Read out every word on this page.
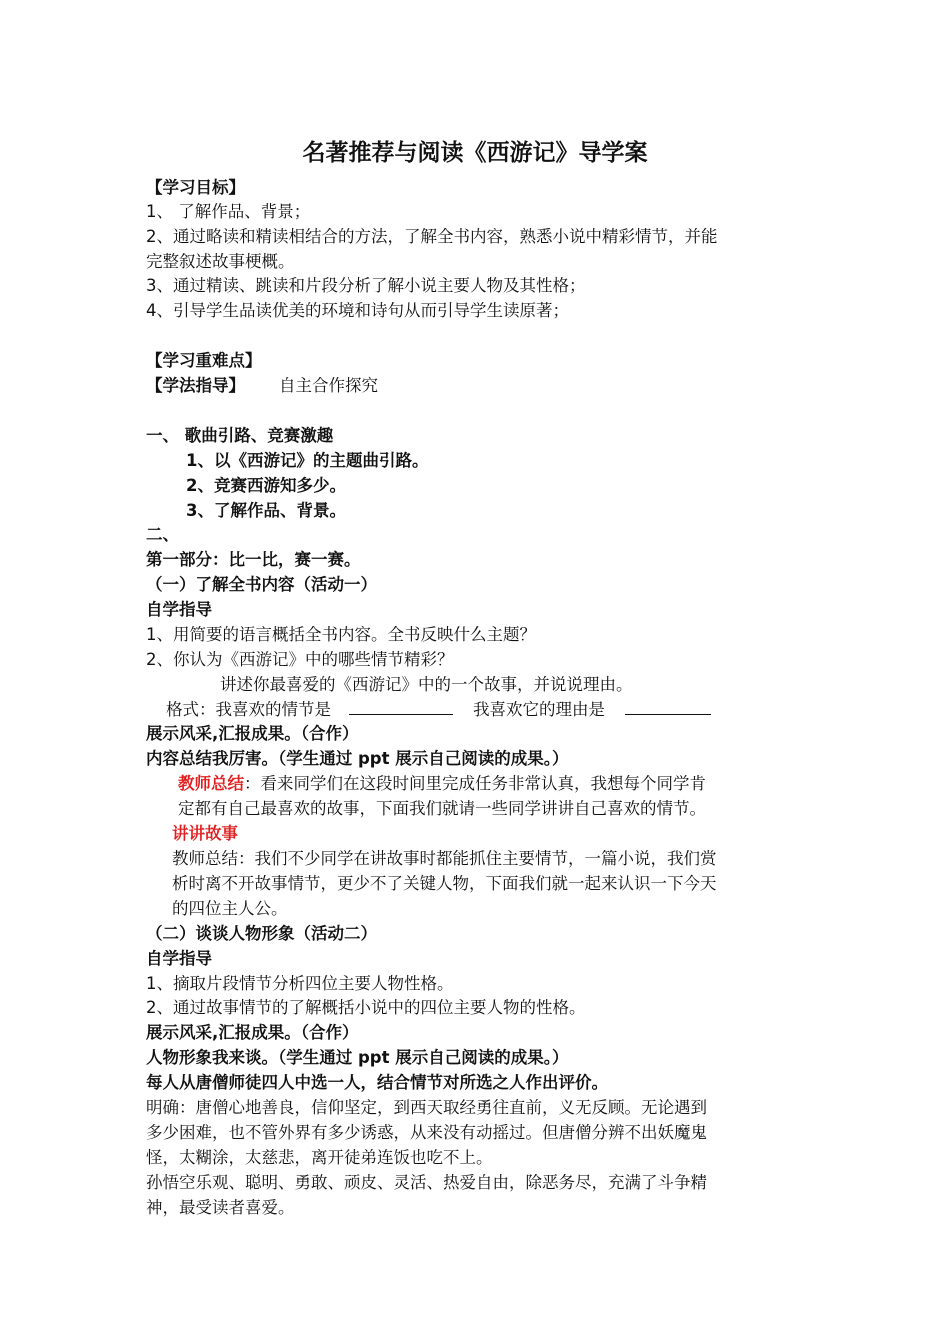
名著推荐与阅读《西游记》导学案
【学习目标】
1、 了解作品、背景；
2、通过略读和精读相结合的方法，了解全书内容，熟悉小说中精彩情节，并能
完整叙述故事梗概。
3、通过精读、跳读和片段分析了解小说主要人物及其性格；
4、引导学生品读优美的环境和诗句从而引导学生读原著；
【学习重难点】
【学法指导】 自主合作探究
一、 歌曲引路、竞赛激趣
1、以《西游记》的主题曲引路。
2、竞赛西游知多少。
3、了解作品、背景。
二、
第一部分：比一比，赛一赛。
（一）了解全书内容（活动一）
自学指导
1、用简要的语言概括全书内容。全书反映什么主题？
2、你认为《西游记》中的哪些情节精彩？
讲述你最喜爱的《西游记》中的一个故事，并说说理由。
格式：我喜欢的情节是	我喜欢它的理由是
展示风采,汇报成果。（合作）
内容总结我厉害。（学生通过 ppt 展示自己阅读的成果。）
教师总结：看来同学们在这段时间里完成任务非常认真，我想每个同学肯
定都有自己最喜欢的故事，下面我们就请一些同学讲讲自己喜欢的情节。
讲讲故事
教师总结：我们不少同学在讲故事时都能抓住主要情节，一篇小说，我们赏
析时离不开故事情节，更少不了关键人物，下面我们就一起来认识一下今天
的四位主人公。
（二）谈谈人物形象（活动二）
自学指导
1、摘取片段情节分析四位主要人物性格。
2、通过故事情节的了解概括小说中的四位主要人物的性格。
展示风采,汇报成果。（合作）
人物形象我来谈。（学生通过 ppt 展示自己阅读的成果。）
每人从唐僧师徒四人中选一人，结合情节对所选之人作出评价。
明确：唐僧心地善良，信仰坚定，到西天取经勇往直前，义无反顾。无论遇到
多少困难，也不管外界有多少诱惑，从来没有动摇过。但唐僧分辨不出妖魔鬼
怪，太糊涂，太慈悲，离开徒弟连饭也吃不上。
孙悟空乐观、聪明、勇敢、顽皮、灵活、热爱自由，除恶务尽，充满了斗争精
神，最受读者喜爱。
